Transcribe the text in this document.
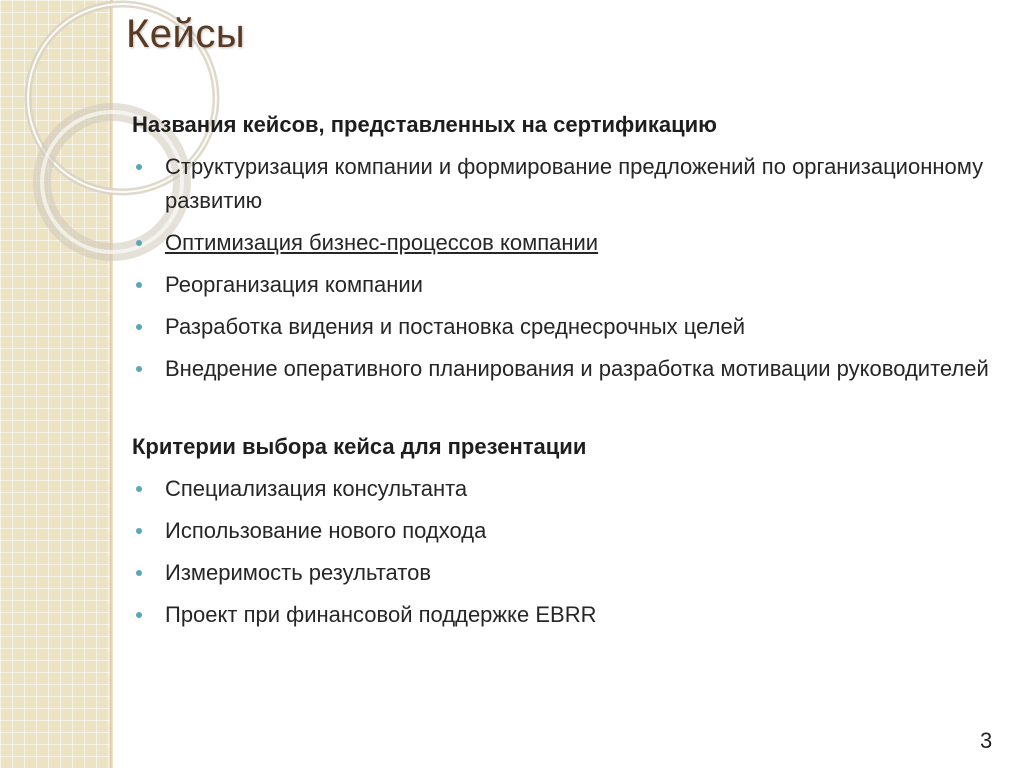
Кейсы

Названия кейсов, представленных на сертификацию

Структуризация компании и формирование предложений по организационному развитию
Оптимизация бизнес-процессов компании
Реорганизация компании
Разработка видения и постановка среднесрочных целей
Внедрение оперативного планирования и разработка мотивации руководителей

Критерии выбора кейса для презентации

Специализация консультанта
Использование нового подхода
Измеримость результатов
Проект при финансовой поддержке EBRR
3
